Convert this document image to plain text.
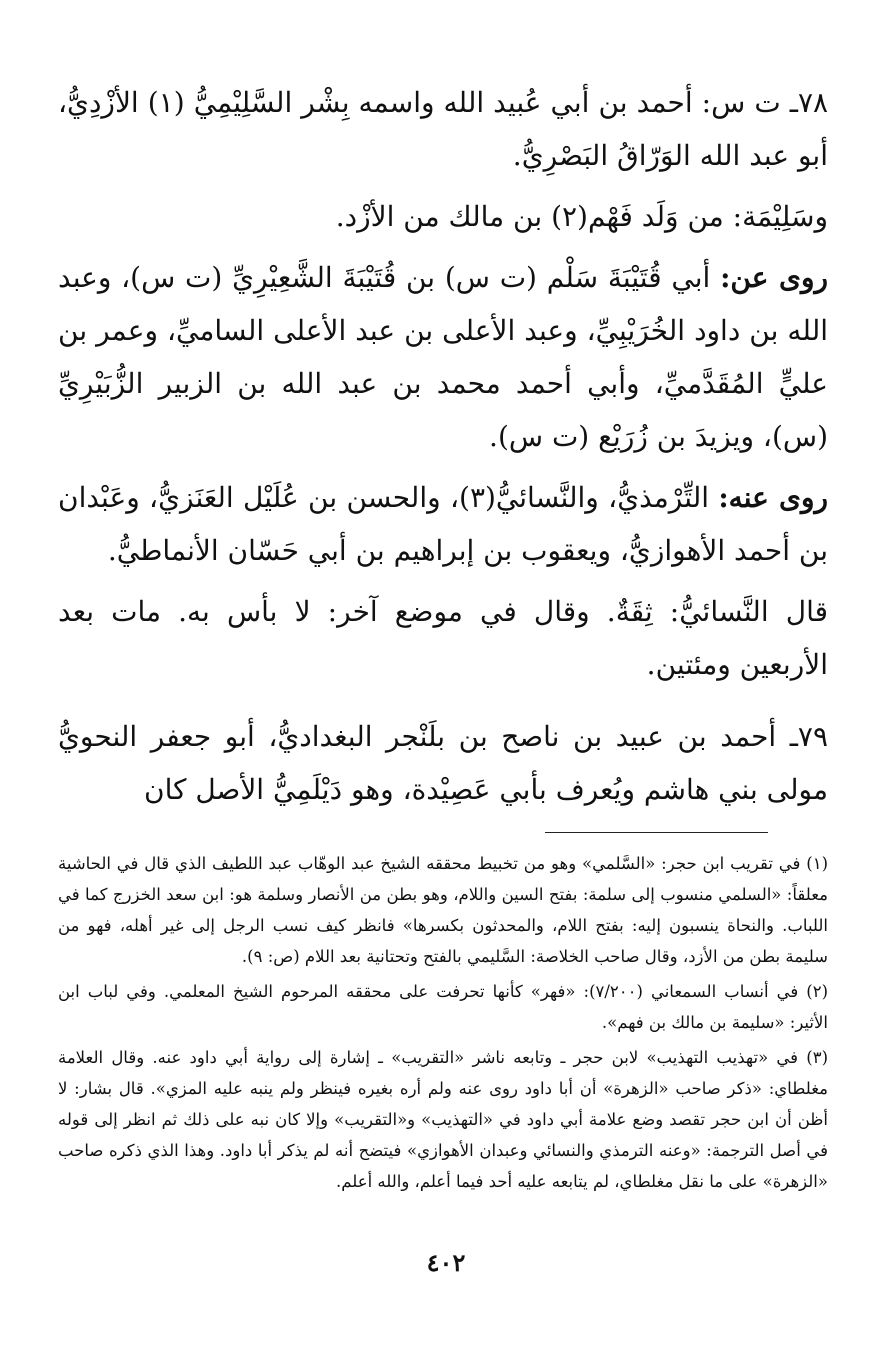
٧٨ـ ت س: أحمد بن أبي عُبيد الله واسمه بِشْر السَّلِيْمِيُّ (١) الأزْدِيُّ، أبو عبد الله الوَرّاقُ البَصْرِيُّ.

وسَلِيْمَة: من وَلَد فَهْم(٢) بن مالك من الأزْد.

روى عن: أبي قُتَيْبَةَ سَلْم (ت س) بن قُتَيْبَةَ الشَّعِيْرِيِّ (ت س)، وعبد الله بن داود الخُرَيْبِيِّ، وعبد الأعلى بن عبد الأعلى الساميِّ، وعمر بن عليٍّ المُقَدَّميِّ، وأبي أحمد محمد بن عبد الله بن الزبير الزُّبَيْرِيِّ (س)، ويزيدَ بن زُرَيْع (ت س).

روى عنه: التِّرْمذيُّ، والنَّسائيُّ(٣)، والحسن بن عُلَيْل العَنَزيُّ، وعَبْدان بن أحمد الأهوازيُّ، ويعقوب بن إبراهيم بن أبي حَسّان الأنماطيُّ.

قال النَّسائيُّ: ثِقَةٌ. وقال في موضع آخر: لا بأس به. مات بعد الأربعين ومئتين.

٧٩ـ أحمد بن عبيد بن ناصح بن بلَنْجر البغداديُّ، أبو جعفر النحويُّ مولى بني هاشم ويُعرف بأبي عَصِيْدة، وهو دَيْلَمِيُّ الأصل كان

(١) في تقريب ابن حجر: «السَّلمي» وهو من تخبيط محققه الشيخ عبد الوهّاب عبد اللطيف الذي قال في الحاشية معلقاً: «السلمي منسوب إلى سلمة: بفتح السين واللام، وهو بطن من الأنصار وسلمة هو: ابن سعد الخزرج كما في اللباب. والنحاة ينسبون إليه: بفتح اللام، والمحدثون بكسرها» فانظر كيف نسب الرجل إلى غير أهله، فهو من سليمة بطن من الأزد، وقال صاحب الخلاصة: السَّليمي بالفتح وتحتانية بعد اللام (ص: ٩).

(٢) في أنساب السمعاني (٧/٢٠٠): «فهر» كأنها تحرفت على محققه المرحوم الشيخ المعلمي. وفي لباب ابن الأثير: «سليمة بن مالك بن فهم».

(٣) في «تهذيب التهذيب» لابن حجر ـ وتابعه ناشر «التقريب» ـ إشارة إلى رواية أبي داود عنه. وقال العلامة مغلطاي: «ذكر صاحب «الزهرة» أن أبا داود روى عنه ولم أره بغيره فينظر ولم ينبه عليه المزي». قال بشار: لا أظن أن ابن حجر تقصد وضع علامة أبي داود في «التهذيب» و«التقريب» وإلا كان نبه على ذلك ثم انظر إلى قوله في أصل الترجمة: «وعنه الترمذي والنسائي وعبدان الأهوازي» فيتضح أنه لم يذكر أبا داود. وهذا الذي ذكره صاحب «الزهرة» على ما نقل مغلطاي، لم يتابعه عليه أحد فيما أعلم، والله أعلم.

٤٠٢
